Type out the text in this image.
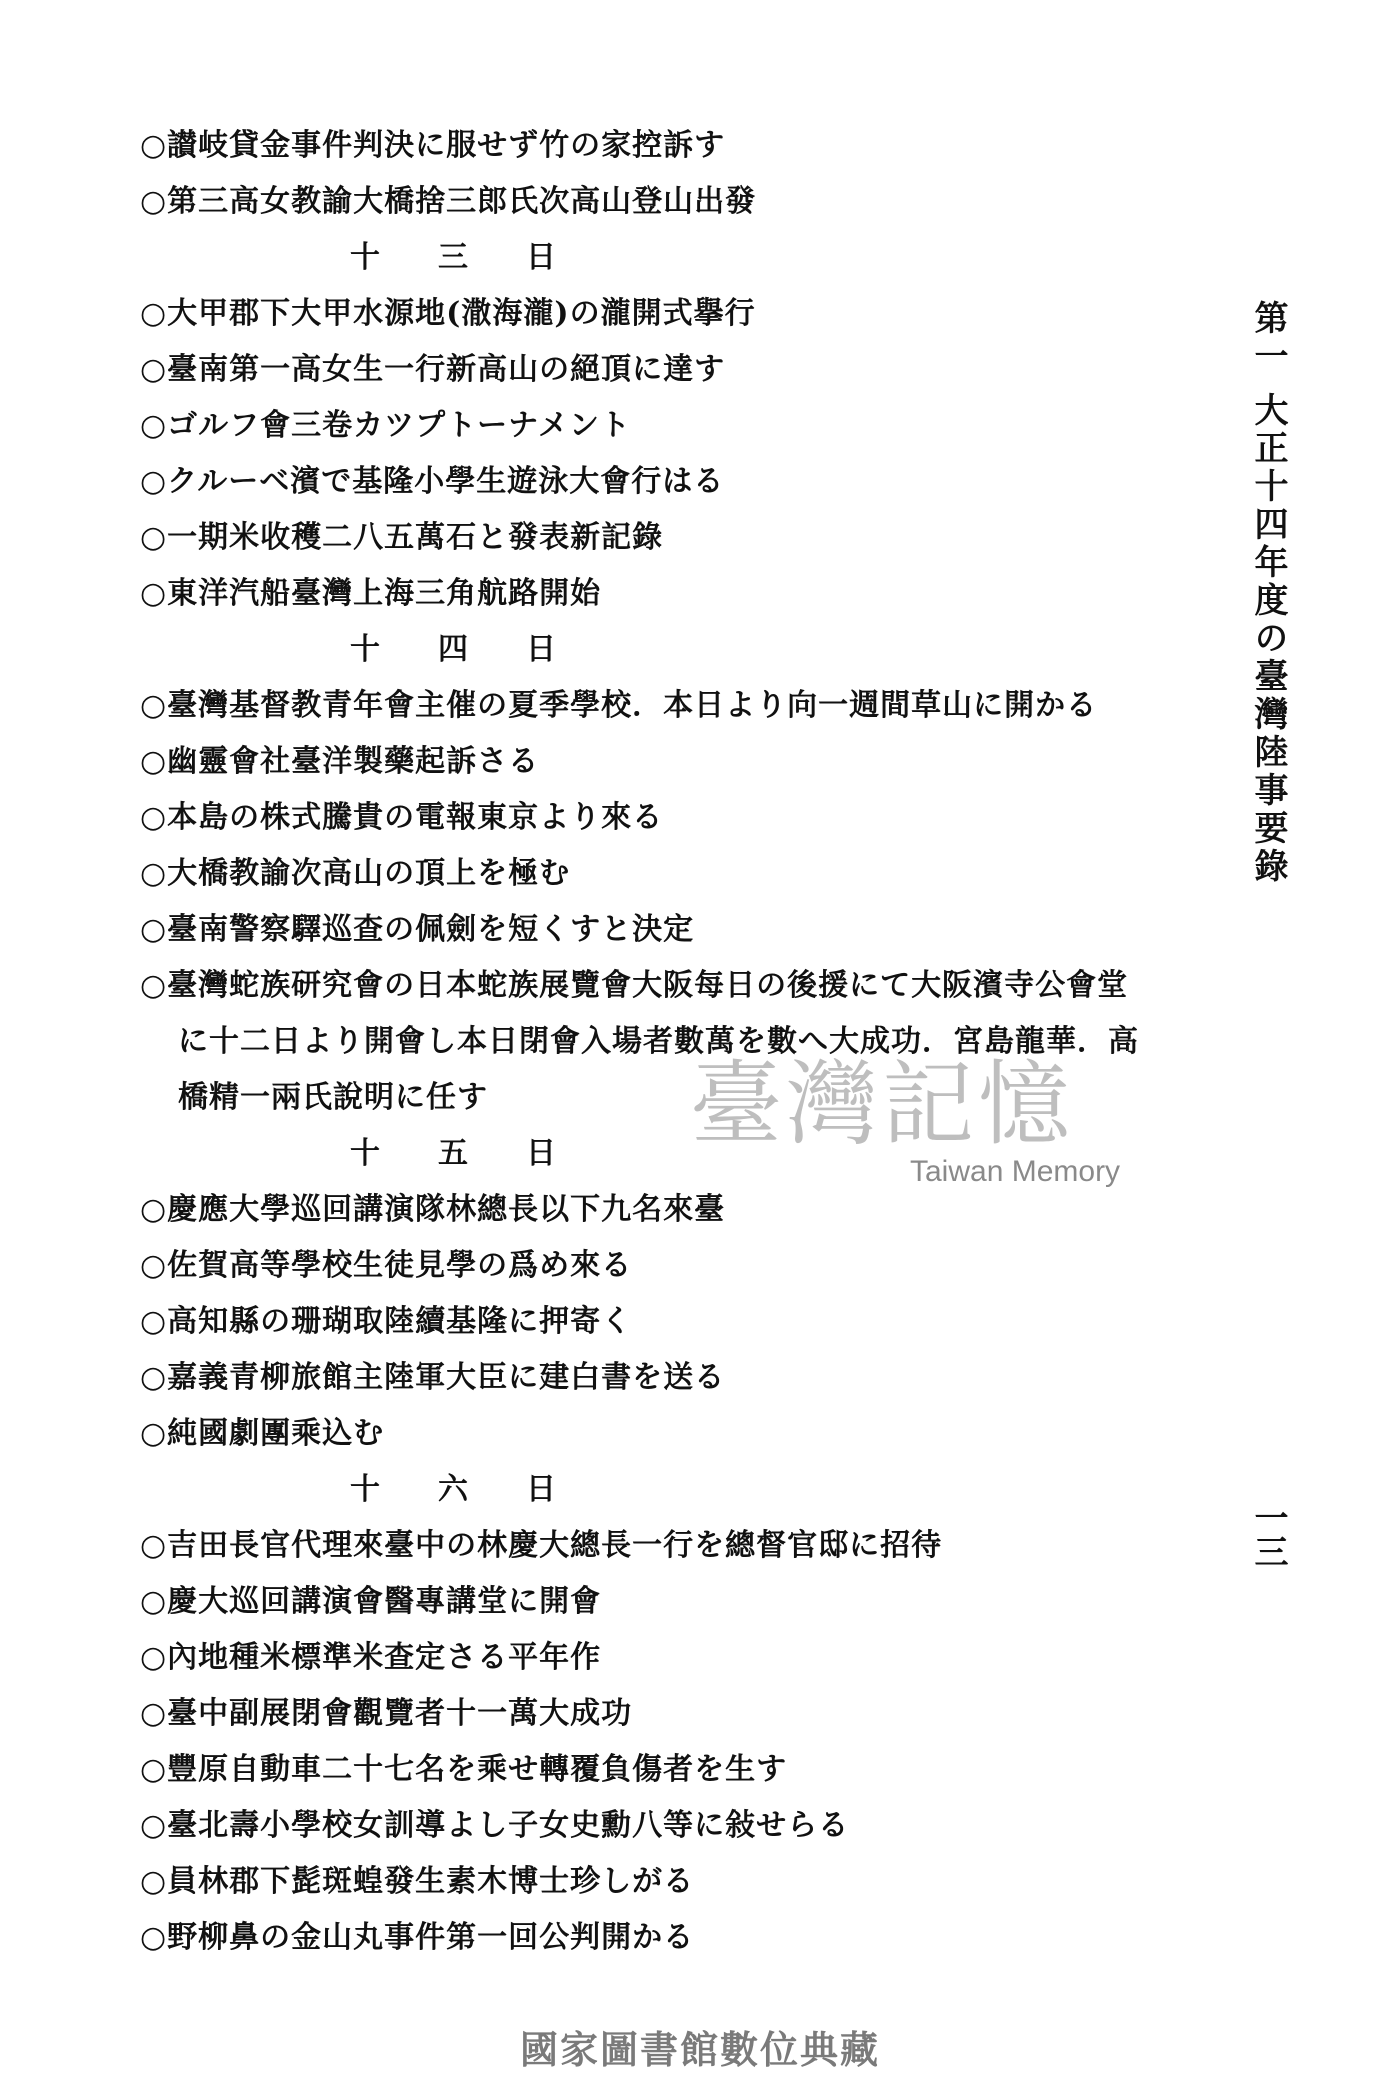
○讃岐貸金事件判決に服せず竹の家控訴す
○第三高女教諭大橋捨三郎氏次高山登山出發
十三日
○大甲郡下大甲水源地(潵海瀧)の瀧開式擧行
○臺南第一高女生一行新高山の絕頂に達す
○ゴルフ會三卷カツプトーナメント
○クルーベ濱で基隆小學生遊泳大會行はる
○一期米收穫二八五萬石と發表新記錄
○東洋汽船臺灣上海三角航路開始
十四日
○臺灣基督教青年會主催の夏季學校．本日より向一週間草山に開かる
○幽靈會社臺洋製藥起訴さる
○本島の株式騰貴の電報東京より來る
○大橋教諭次高山の頂上を極む
○臺南警察驛巡查の佩劍を短くすと決定
○臺灣蛇族研究會の日本蛇族展覽會大阪每日の後援にて大阪濱寺公會堂
に十二日より開會し本日閉會入場者數萬を數へ大成功．宮島龍華．高
橋精一兩氏說明に任す
十五日
○慶應大學巡回講演隊林總長以下九名來臺
○佐賀高等學校生徒見學の爲め來る
○高知縣の珊瑚取陸續基隆に押寄く
○嘉義青柳旅館主陸軍大臣に建白書を送る
○純國劇團乘込む
十六日
○吉田長官代理來臺中の林慶大總長一行を總督官邸に招待
○慶大巡回講演會醫專講堂に開會
○內地種米標準米查定さる平年作
○臺中副展閉會觀覽者十一萬大成功
○豐原自動車二十七名を乘せ轉覆負傷者を生す
○臺北壽小學校女訓導よし子女史勳八等に敍せらる
○員林郡下髭斑蝗發生素木博士珍しがる
○野柳鼻の金山丸事件第一回公判開かる
第一 大正十四年度の臺灣陸事要錄
一三
臺灣記憶
Taiwan Memory
國家圖書館數位典藏
